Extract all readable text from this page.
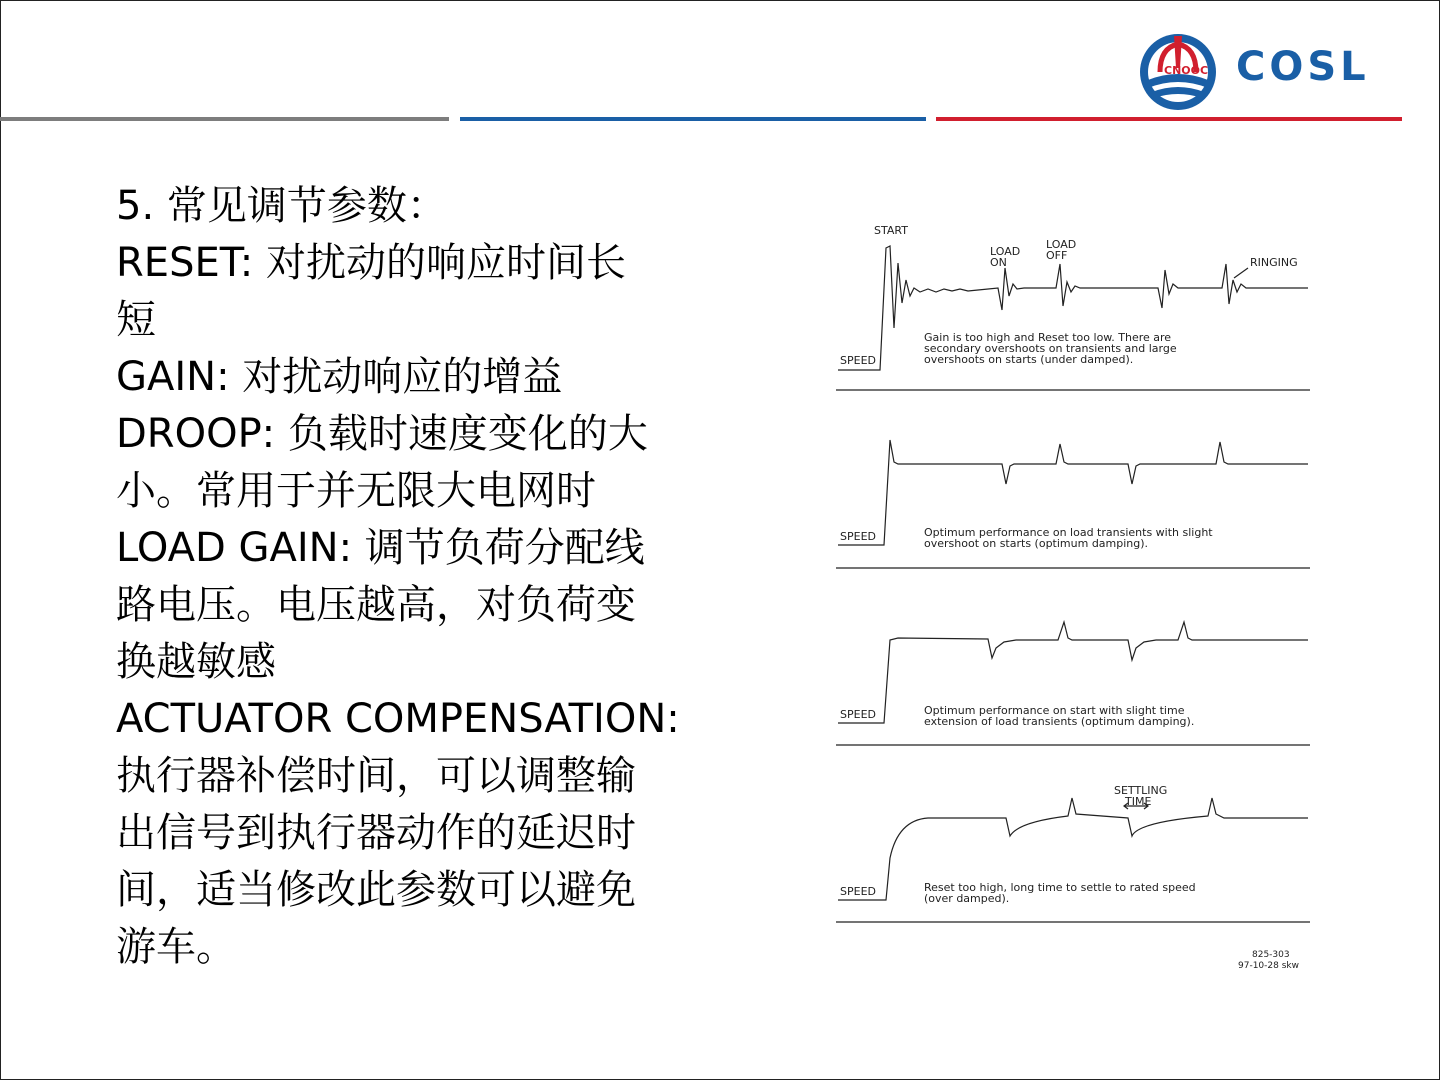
CNOOC COSL
5. 常见调节参数：
RESET: 对扰动的响应时间长
短
GAIN: 对扰动响应的增益
DROOP: 负载时速度变化的大
小。常用于并无限大电网时
LOAD GAIN: 调节负荷分配线
路电压。电压越高，对负荷变
换越敏感
ACTUATOR COMPENSATION:
执行器补偿时间，可以调整输
出信号到执行器动作的延迟时
间，适当修改此参数可以避免
游车。
START
LOAD
ON
LOAD
OFF
RINGING
SETTLING
TIME
SPEED
SPEED
SPEED
SPEED
Gain is too high and Reset too low. There are
secondary overshoots on transients and large
overshoots on starts (under damped).
Optimum performance on load transients with slight
overshoot on starts (optimum damping).
Optimum performance on start with slight time
extension of load transients (optimum damping).
Reset too high, long time to settle to rated speed
(over damped).
825-303
97-10-28 skw
